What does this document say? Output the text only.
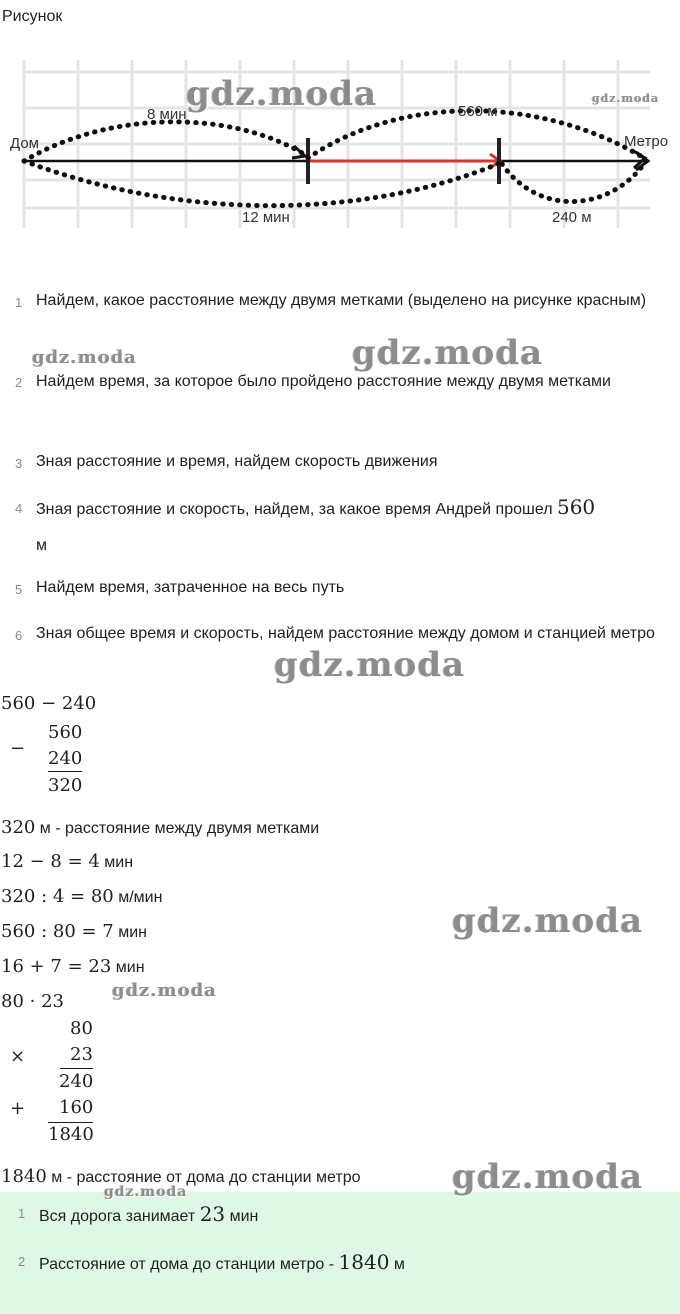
Рисунок
Дом	Метро
8 мин	560 м
12 мин	240 м
1 Найдем, какое расстояние между двумя метками (выделено на рисунке красным)
2 Найдем время, за которое было пройдено расстояние между двумя метками
3 Зная расстояние и время, найдем скорость движения
4 Зная расстояние и скорость, найдем, за какое время Андрей прошел 560
м
5 Найдем время, затраченное на весь путь
6 Зная общее время и скорость, найдем расстояние между домом и станцией метро
560 − 240
−
560
240
320
320 м - расстояние между двумя метками
12 − 8 = 4 мин
320 : 4 = 80 м/мин
560 : 80 = 7 мин
16 + 7 = 23 мин
80 · 23
80
× 23
240
+ 160
1840
1840 м - расстояние от дома до станции метро
1 Вся дорога занимает 23 мин
2 Расстояние от дома до станции метро - 1840 м
gdz.moda	gdz.moda
gdz.moda	gdz.moda
gdz.moda
gdz.moda
gdz.moda
gdz.moda
gdz.moda
